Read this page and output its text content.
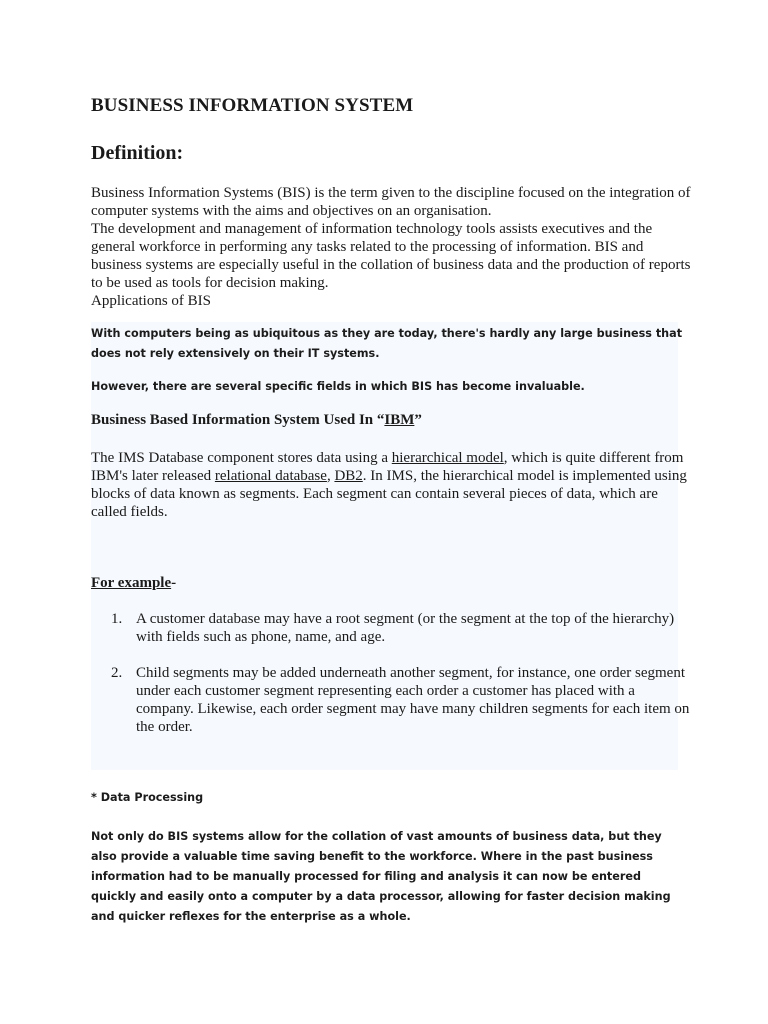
BUSINESS INFORMATION SYSTEM
Definition:
Business Information Systems (BIS) is the term given to the discipline focused on the integration of computer systems with the aims and objectives on an organisation.
The development and management of information technology tools assists executives and the general workforce in performing any tasks related to the processing of information. BIS and business systems are especially useful in the collation of business data and the production of reports to be used as tools for decision making.
Applications of BIS
With computers being as ubiquitous as they are today, there's hardly any large business that does not rely extensively on their IT systems.
However, there are several specific fields in which BIS has become invaluable.
Business Based Information System Used In “IBM”
The IMS Database component stores data using a hierarchical model, which is quite different from IBM's later released relational database, DB2. In IMS, the hierarchical model is implemented using blocks of data known as segments. Each segment can contain several pieces of data, which are called fields.
For example-
1. A customer database may have a root segment (or the segment at the top of the hierarchy) with fields such as phone, name, and age.
2. Child segments may be added underneath another segment, for instance, one order segment under each customer segment representing each order a customer has placed with a company. Likewise, each order segment may have many children segments for each item on the order.
* Data Processing
Not only do BIS systems allow for the collation of vast amounts of business data, but they also provide a valuable time saving benefit to the workforce. Where in the past business information had to be manually processed for filing and analysis it can now be entered quickly and easily onto a computer by a data processor, allowing for faster decision making and quicker reflexes for the enterprise as a whole.
